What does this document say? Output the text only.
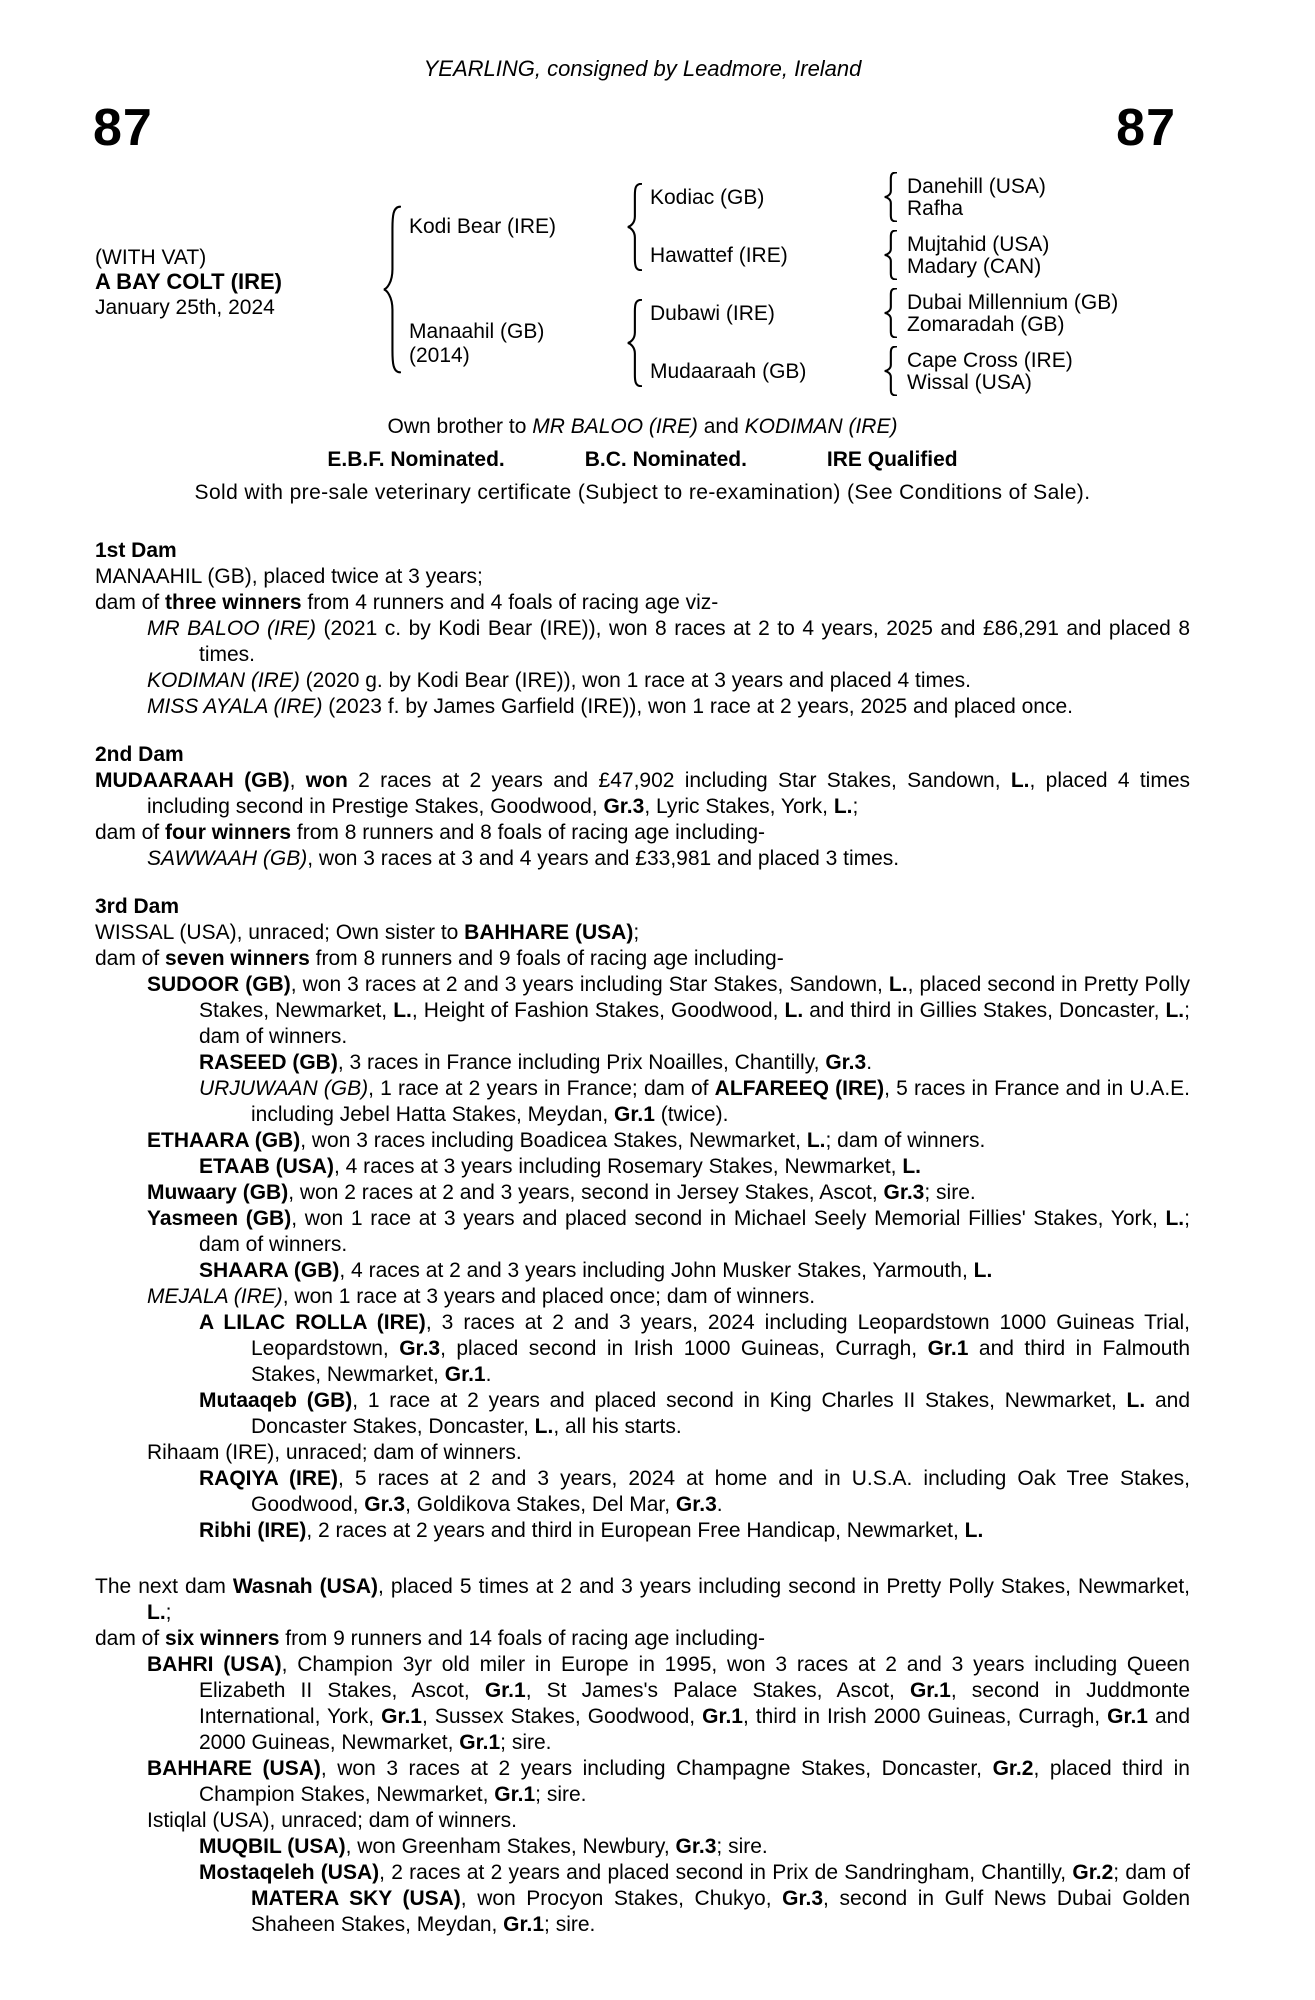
YEARLING, consigned by Leadmore, Ireland
87	87
(WITH VAT)
A BAY COLT (IRE)
January 25th, 2024
Kodi Bear (IRE)
Manaahil (GB)
(2014)
Kodiac (GB)
Hawattef (IRE)
Dubawi (IRE)
Mudaaraah (GB)
Danehill (USA)
Rafha
Mujtahid (USA)
Madary (CAN)
Dubai Millennium (GB)
Zomaradah (GB)
Cape Cross (IRE)
Wissal (USA)
Own brother to MR BALOO (IRE) and KODIMAN (IRE)
E.B.F. Nominated.	B.C. Nominated.	IRE Qualified
Sold with pre-sale veterinary certificate (Subject to re-examination) (See Conditions of Sale).
1st Dam

MANAAHIL (GB), placed twice at 3 years;

dam of three winners from 4 runners and 4 foals of racing age viz-

MR BALOO (IRE) (2021 c. by Kodi Bear (IRE)), won 8 races at 2 to 4 years, 2025 and £86,291 and placed 8 times.

KODIMAN (IRE) (2020 g. by Kodi Bear (IRE)), won 1 race at 3 years and placed 4 times.

MISS AYALA (IRE) (2023 f. by James Garfield (IRE)), won 1 race at 2 years, 2025 and placed once.

2nd Dam

MUDAARAAH (GB), won 2 races at 2 years and £47,902 including Star Stakes, Sandown, L., placed 4 times including second in Prestige Stakes, Goodwood, Gr.3, Lyric Stakes, York, L.;

dam of four winners from 8 runners and 8 foals of racing age including-

SAWWAAH (GB), won 3 races at 3 and 4 years and £33,981 and placed 3 times.

3rd Dam

WISSAL (USA), unraced; Own sister to BAHHARE (USA);

dam of seven winners from 8 runners and 9 foals of racing age including-

SUDOOR (GB), won 3 races at 2 and 3 years including Star Stakes, Sandown, L., placed second in Pretty Polly Stakes, Newmarket, L., Height of Fashion Stakes, Goodwood, L. and third in Gillies Stakes, Doncaster, L.; dam of winners.

RASEED (GB), 3 races in France including Prix Noailles, Chantilly, Gr.3.

URJUWAAN (GB), 1 race at 2 years in France; dam of ALFAREEQ (IRE), 5 races in France and in U.A.E. including Jebel Hatta Stakes, Meydan, Gr.1 (twice).

ETHAARA (GB), won 3 races including Boadicea Stakes, Newmarket, L.; dam of winners.

ETAAB (USA), 4 races at 3 years including Rosemary Stakes, Newmarket, L.

Muwaary (GB), won 2 races at 2 and 3 years, second in Jersey Stakes, Ascot, Gr.3; sire.

Yasmeen (GB), won 1 race at 3 years and placed second in Michael Seely Memorial Fillies' Stakes, York, L.; dam of winners.

SHAARA (GB), 4 races at 2 and 3 years including John Musker Stakes, Yarmouth, L.

MEJALA (IRE), won 1 race at 3 years and placed once; dam of winners.

A LILAC ROLLA (IRE), 3 races at 2 and 3 years, 2024 including Leopardstown 1000 Guineas Trial, Leopardstown, Gr.3, placed second in Irish 1000 Guineas, Curragh, Gr.1 and third in Falmouth Stakes, Newmarket, Gr.1.

Mutaaqeb (GB), 1 race at 2 years and placed second in King Charles II Stakes, Newmarket, L. and Doncaster Stakes, Doncaster, L., all his starts.

Rihaam (IRE), unraced; dam of winners.

RAQIYA (IRE), 5 races at 2 and 3 years, 2024 at home and in U.S.A. including Oak Tree Stakes, Goodwood, Gr.3, Goldikova Stakes, Del Mar, Gr.3.

Ribhi (IRE), 2 races at 2 years and third in European Free Handicap, Newmarket, L.

The next dam Wasnah (USA), placed 5 times at 2 and 3 years including second in Pretty Polly Stakes, Newmarket, L.;

dam of six winners from 9 runners and 14 foals of racing age including-

BAHRI (USA), Champion 3yr old miler in Europe in 1995, won 3 races at 2 and 3 years including Queen Elizabeth II Stakes, Ascot, Gr.1, St James's Palace Stakes, Ascot, Gr.1, second in Juddmonte International, York, Gr.1, Sussex Stakes, Goodwood, Gr.1, third in Irish 2000 Guineas, Curragh, Gr.1 and 2000 Guineas, Newmarket, Gr.1; sire.

BAHHARE (USA), won 3 races at 2 years including Champagne Stakes, Doncaster, Gr.2, placed third in Champion Stakes, Newmarket, Gr.1; sire.

Istiqlal (USA), unraced; dam of winners.

MUQBIL (USA), won Greenham Stakes, Newbury, Gr.3; sire.

Mostaqeleh (USA), 2 races at 2 years and placed second in Prix de Sandringham, Chantilly, Gr.2; dam of MATERA SKY (USA), won Procyon Stakes, Chukyo, Gr.3, second in Gulf News Dubai Golden Shaheen Stakes, Meydan, Gr.1; sire.
